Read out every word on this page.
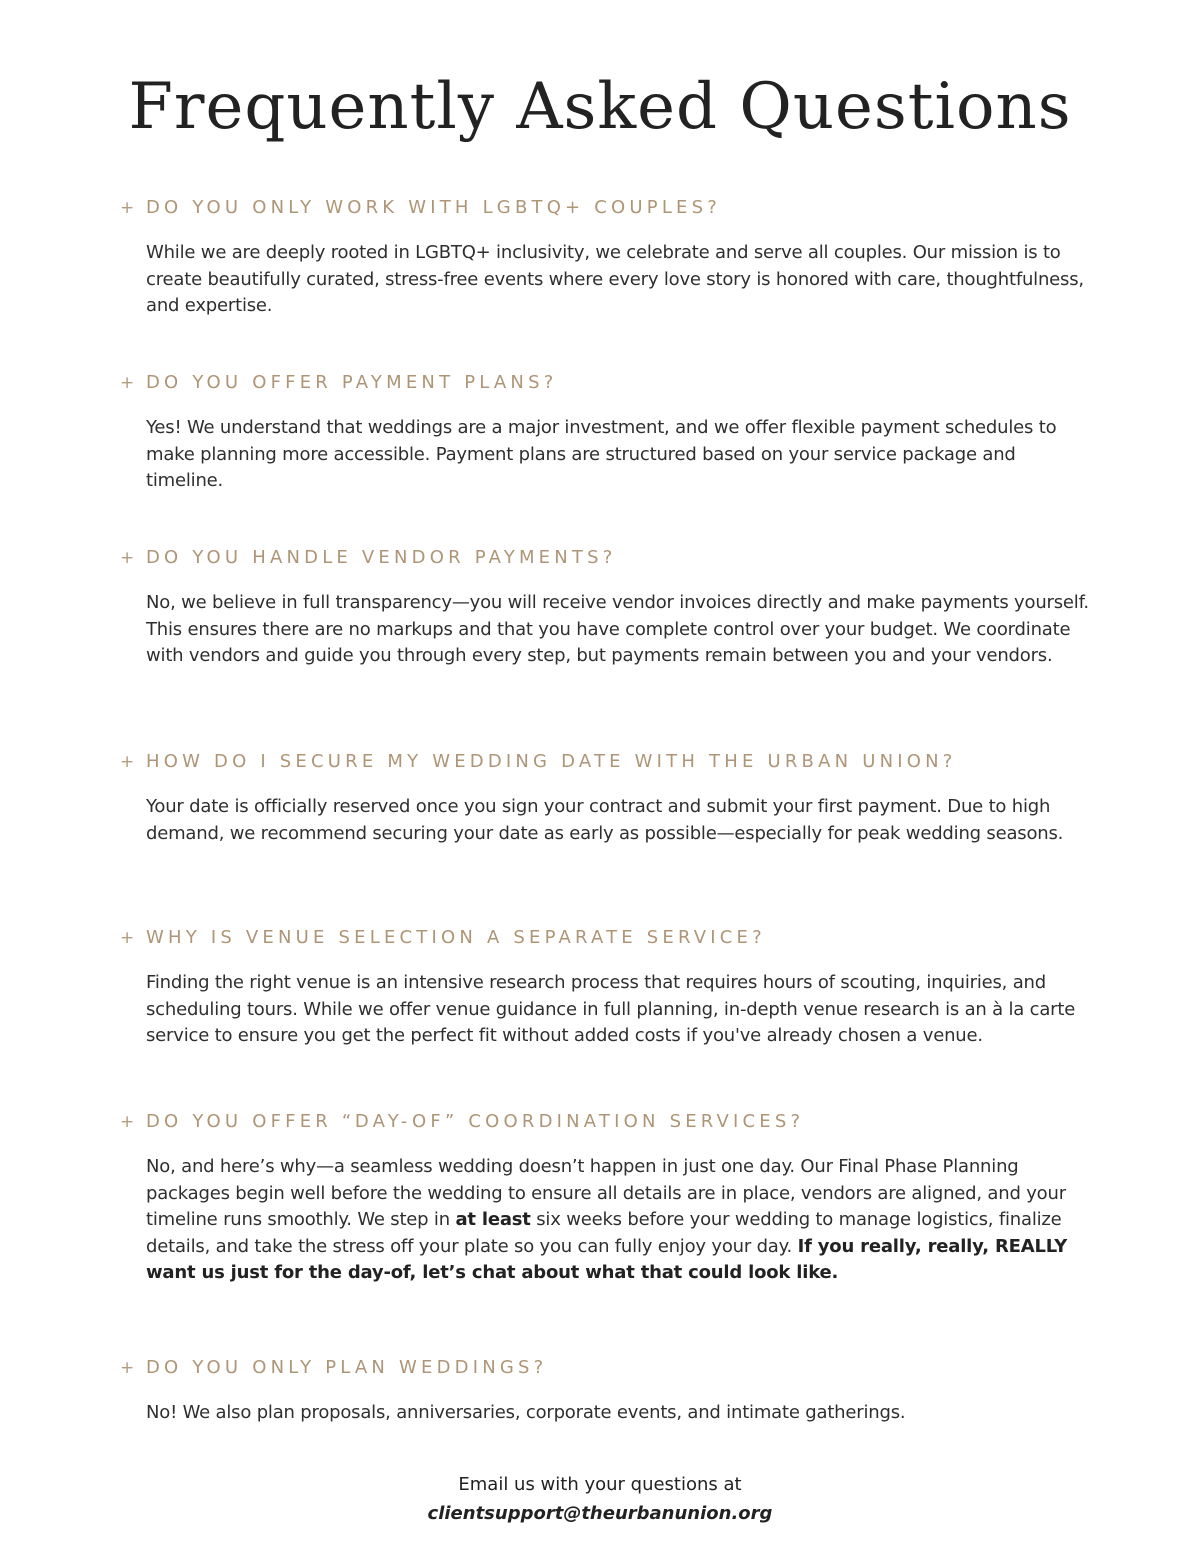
Frequently Asked Questions
+ DO YOU ONLY WORK WITH LGBTQ+ COUPLES?

While we are deeply rooted in LGBTQ+ inclusivity, we celebrate and serve all couples. Our mission is to create beautifully curated, stress-free events where every love story is honored with care, thoughtfulness, and expertise.

+ DO YOU OFFER PAYMENT PLANS?

Yes! We understand that weddings are a major investment, and we offer flexible payment schedules to make planning more accessible. Payment plans are structured based on your service package and timeline.

+ DO YOU HANDLE VENDOR PAYMENTS?

No, we believe in full transparency—you will receive vendor invoices directly and make payments yourself. This ensures there are no markups and that you have complete control over your budget. We coordinate with vendors and guide you through every step, but payments remain between you and your vendors.

+ HOW DO I SECURE MY WEDDING DATE WITH THE URBAN UNION?

Your date is officially reserved once you sign your contract and submit your first payment. Due to high demand, we recommend securing your date as early as possible—especially for peak wedding seasons.

+ WHY IS VENUE SELECTION A SEPARATE SERVICE?

Finding the right venue is an intensive research process that requires hours of scouting, inquiries, and scheduling tours. While we offer venue guidance in full planning, in-depth venue research is an à la carte service to ensure you get the perfect fit without added costs if you've already chosen a venue.

+ DO YOU OFFER “DAY-OF” COORDINATION SERVICES?

No, and here’s why—a seamless wedding doesn’t happen in just one day. Our Final Phase Planning packages begin well before the wedding to ensure all details are in place, vendors are aligned, and your timeline runs smoothly. We step in at least six weeks before your wedding to manage logistics, finalize details, and take the stress off your plate so you can fully enjoy your day. If you really, really, REALLY want us just for the day-of, let’s chat about what that could look like.

+ DO YOU ONLY PLAN WEDDINGS?

No! We also plan proposals, anniversaries, corporate events, and intimate gatherings.

Email us with your questions at
clientsupport@theurbanunion.org
